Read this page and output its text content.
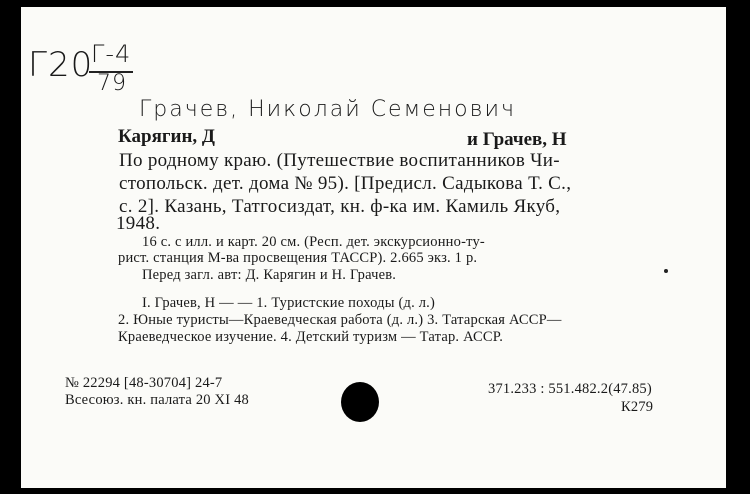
Г20
Г-4
79
Грачев, Николай Семенович
Карягин, Д	и Грачев, Н
По родному краю. (Путешествие воспитанников Чи-
стопольск. дет. дома № 95). [Предисл. Садыкова Т. С.,
с. 2]. Казань, Татгосиздат, кн. ф-ка им. Камиль Якуб,
1948.
16 с. с илл. и карт. 20 см. (Респ. дет. экскурсионно-ту-
рист. станция М-ва просвещения ТАССР). 2.665 экз. 1 р.
Перед загл. авт: Д. Карягин и Н. Грачев.
I. Грачев, Н — — 1. Туристские походы (д. л.)
2. Юные туристы—Краеведческая работа (д. л.) 3. Татарская АССР—
Краеведческое изучение. 4. Детский туризм — Татар. АССР.
№ 22294 [48-30704] 24-7
Всесоюз. кн. палата 20 XI 48
371.233 : 551.482.2(47.85)
К279
